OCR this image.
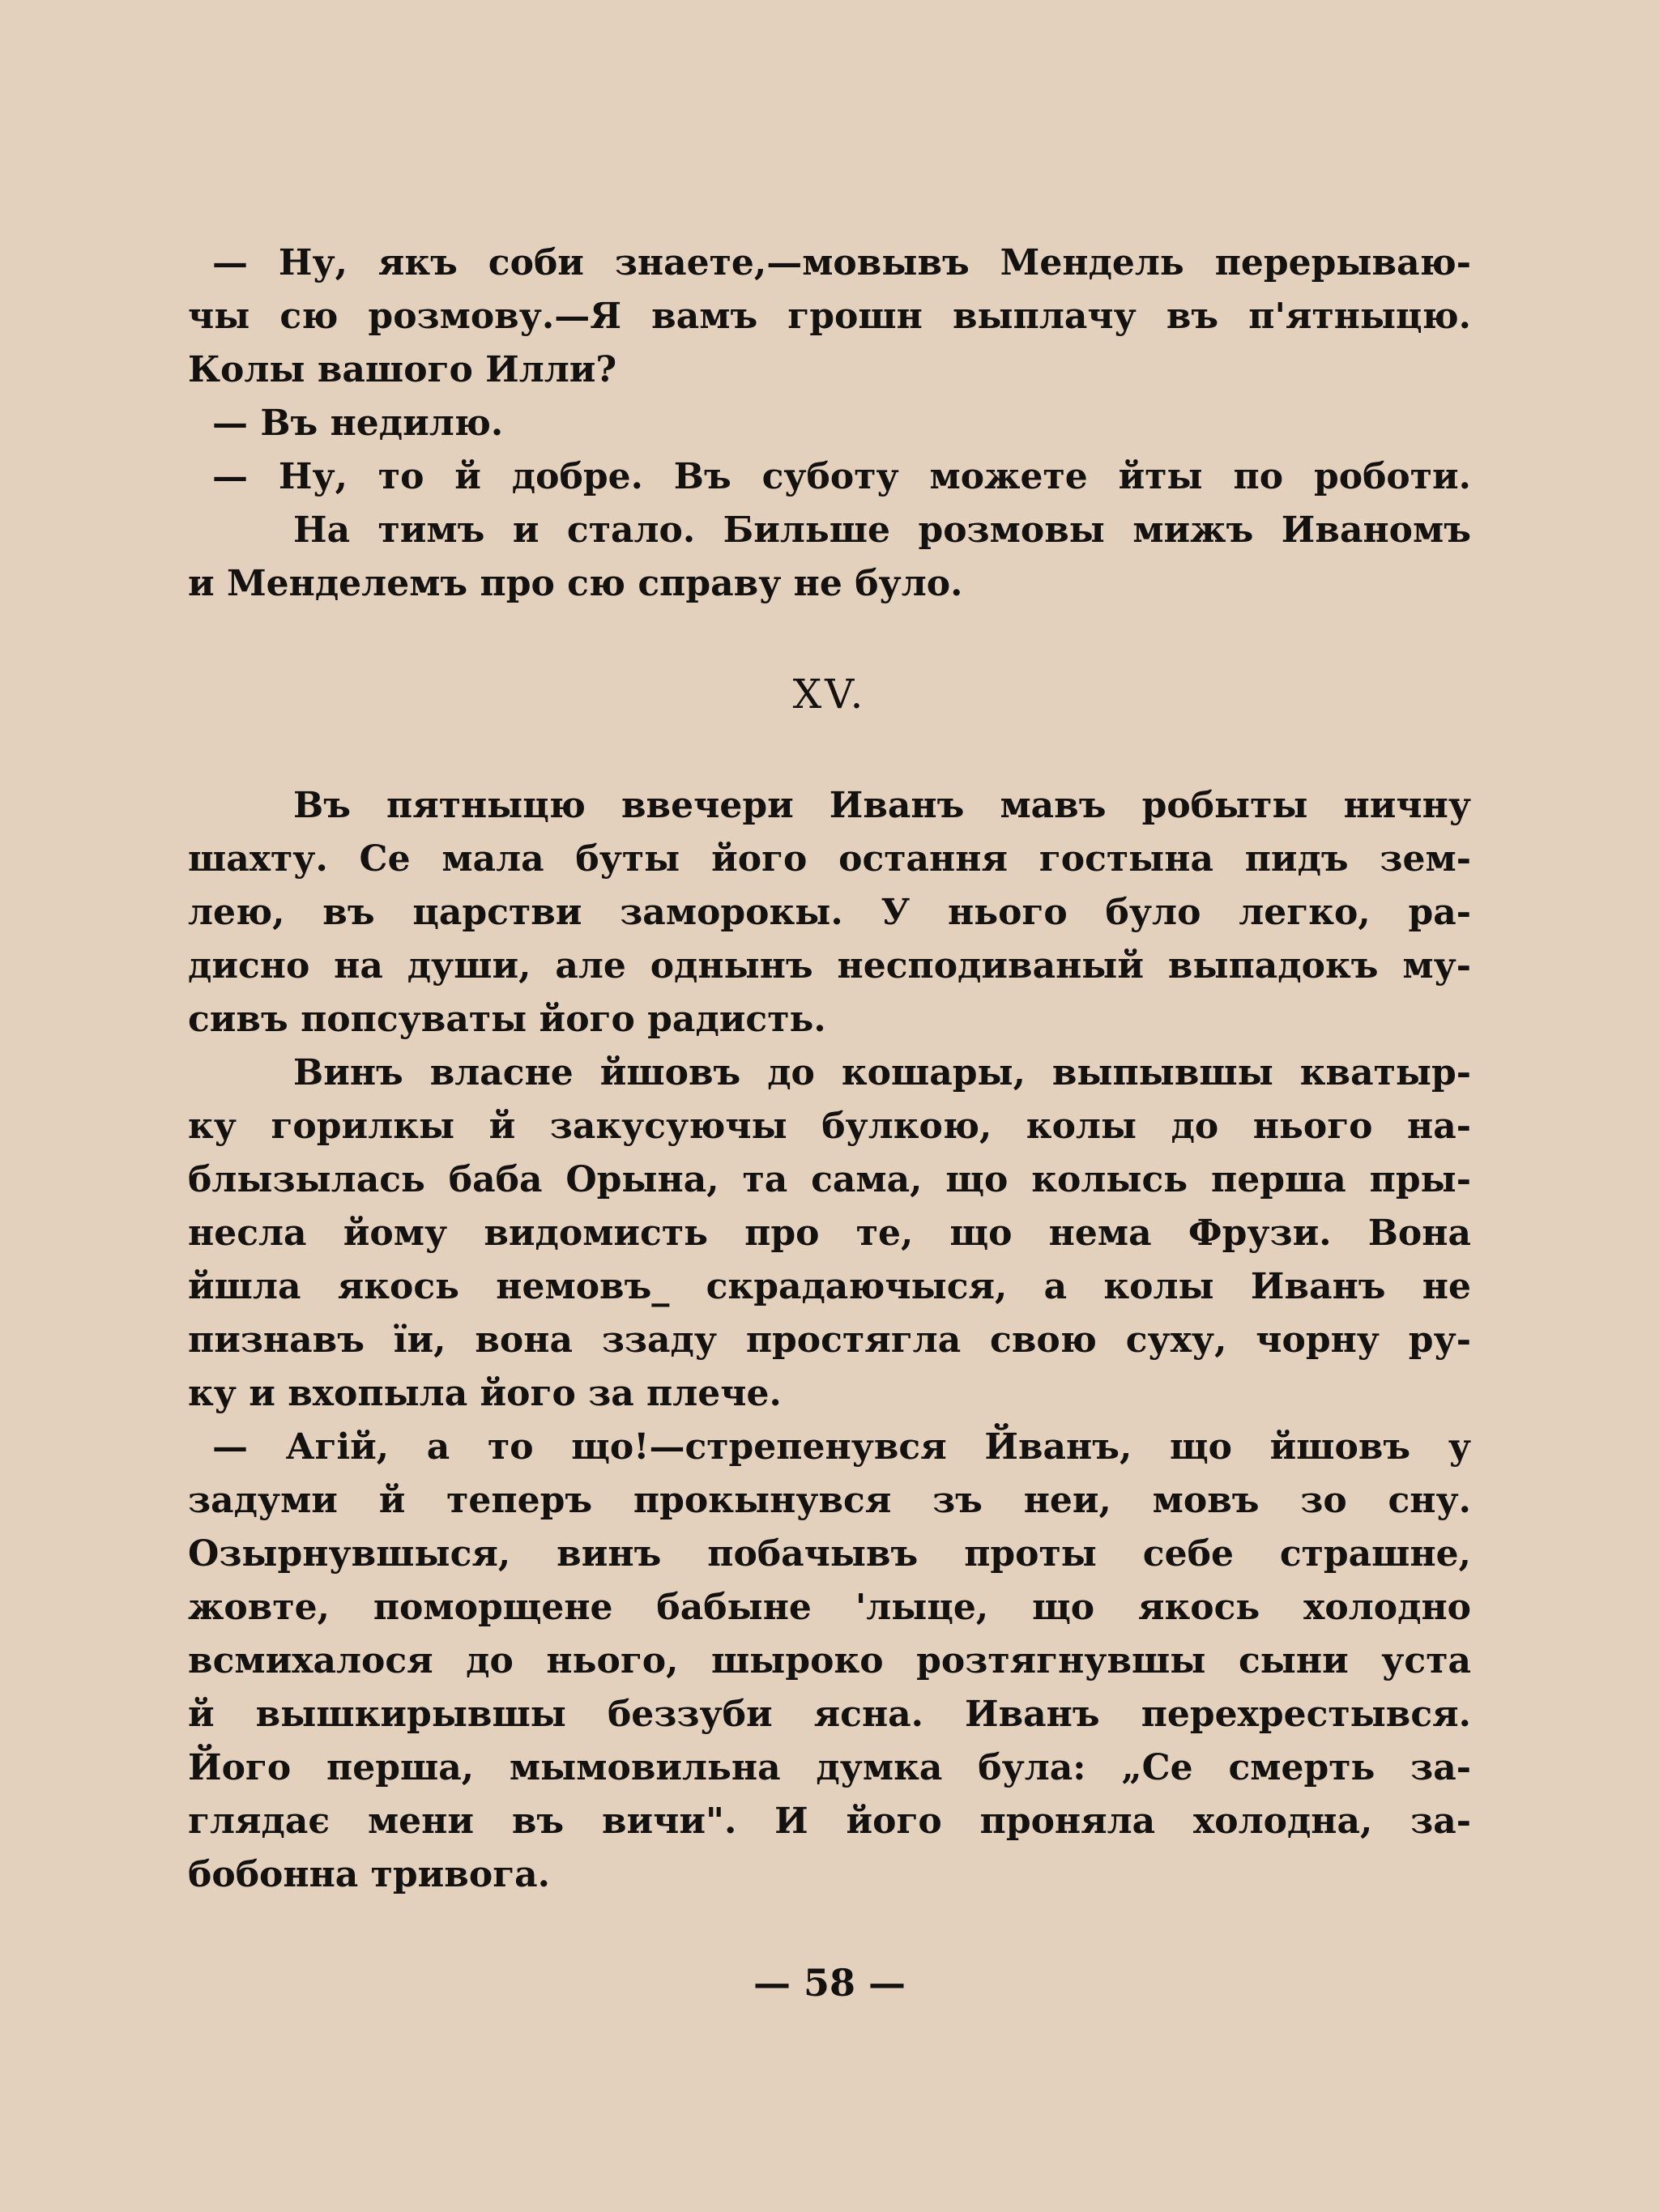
— Ну, якъ соби знаете,—мовывъ Мендель перерываю-
чы сю розмову.—Я вамъ грошн выплачу въ п'ятныцю.
Колы вашого Илли?
— Въ недилю.
— Ну, то й добре. Въ суботу можете йты по роботи.
На тимъ и стало. Бильше розмовы мижъ Иваномъ
и Менделемъ про сю справу не було.
XV.
Въ пятныцю ввечери Иванъ мавъ робыты ничну
шахту. Се мала буты його остання гостына пидъ зем-
лею, въ царстви заморокы. У нього було легко, ра-
дисно на души, але однынъ несподиваный выпадокъ му-
сивъ попсуваты його радисть.
Винъ власне йшовъ до кошары, выпывшы кватыр-
ку горилкы й закусуючы булкою, колы до нього на-
блызылась баба Орына, та сама, що колысь перша пры-
несла йому видомисть про те, що нема Фрузи. Вона
йшла якось немовъ_ скрадаючыся, а колы Иванъ не
пизнавъ ïи, вона ззаду простягла свою суху, чорну ру-
ку и вхопыла його за плече.
— Агій, а то що!—стрепенувся Йванъ, що йшовъ у
задуми й теперъ прокынувся зъ неи, мовъ зо сну.
Озырнувшыся, винъ побачывъ проты себе страшне,
жовте, поморщене бабыне 'лыце, що якось холодно
всмихалося до нього, шыроко розтягнувшы сыни уста
й вышкирывшы беззуби ясна. Иванъ перехрестывся.
Його перша, мымовильна думка була: „Се смерть за-
глядає мени въ вичи". И його проняла холодна, за-
бобонна тривога.
— 58 —
